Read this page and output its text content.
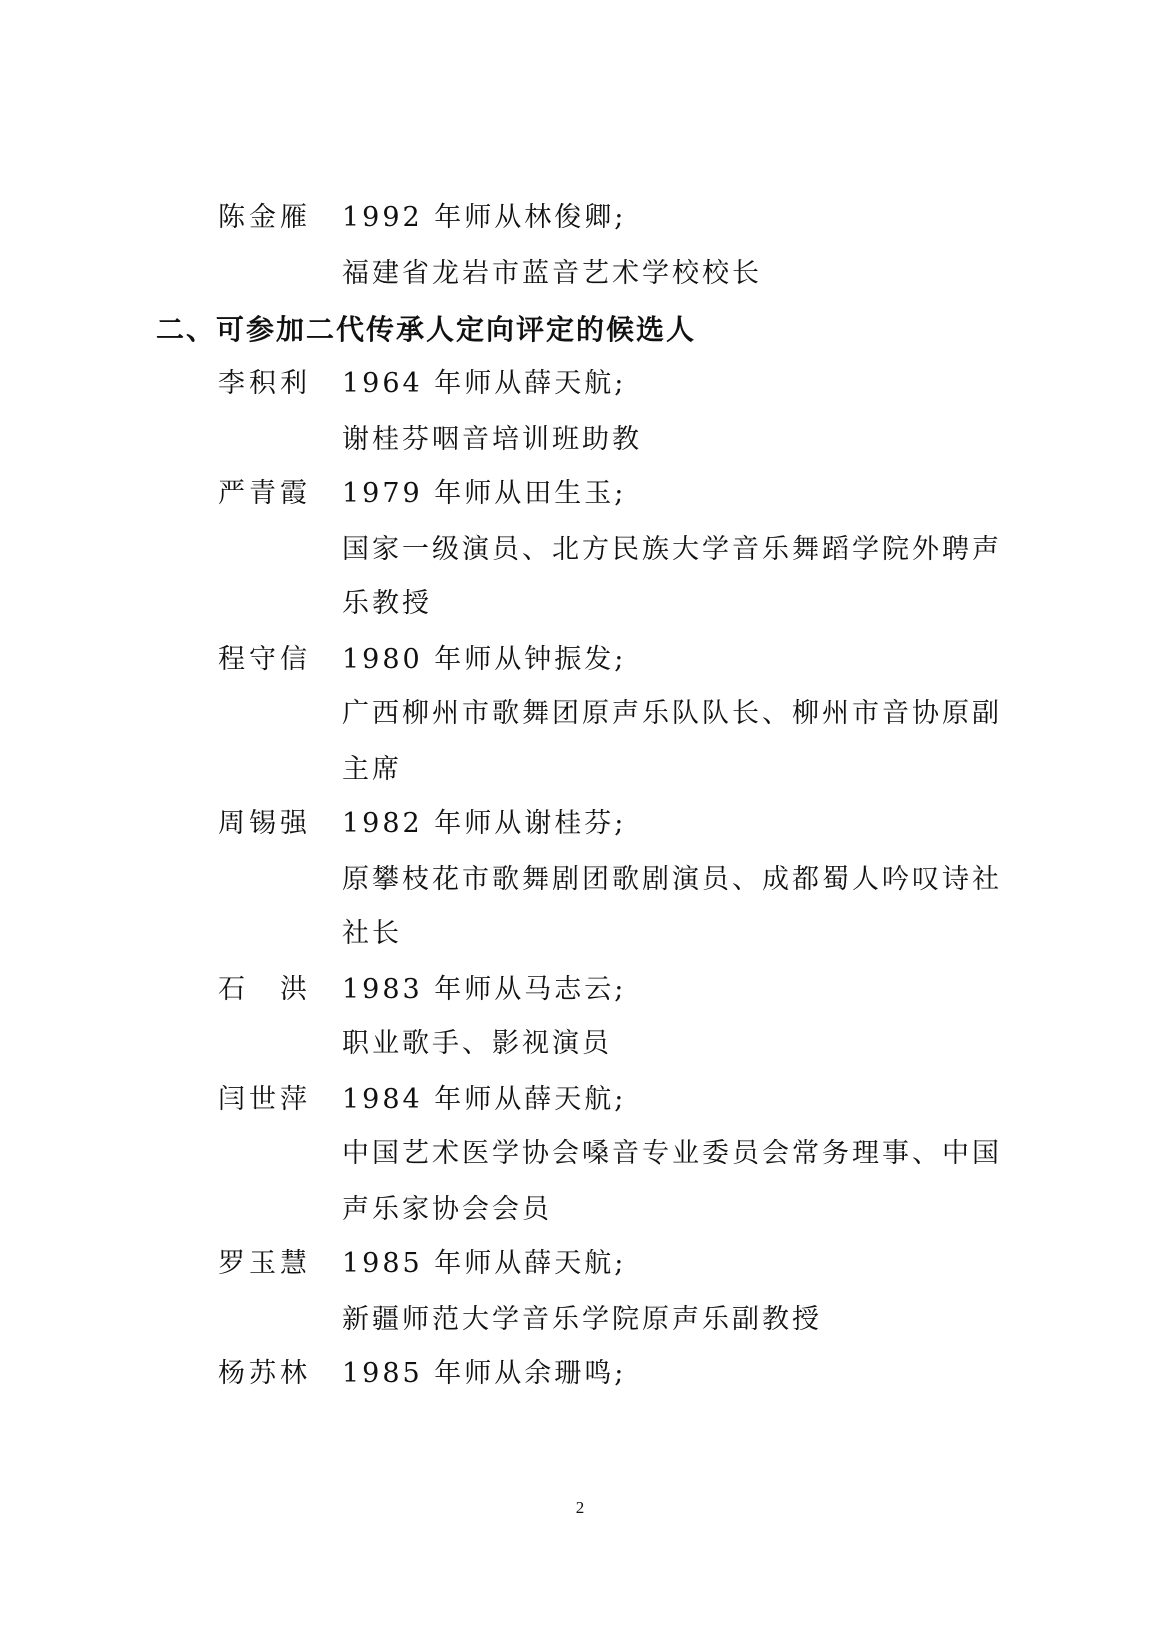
陈金雁 1992 年师从林俊卿;
福建省龙岩市蓝音艺术学校校长
二、可参加二代传承人定向评定的候选人
李积利 1964 年师从薛天航;
谢桂芬咽音培训班助教
严青霞 1979 年师从田生玉;
国家一级演员、北方民族大学音乐舞蹈学院外聘声
乐教授
程守信 1980 年师从钟振发;
广西柳州市歌舞团原声乐队队长、柳州市音协原副
主席
周锡强 1982 年师从谢桂芬;
原攀枝花市歌舞剧团歌剧演员、成都蜀人吟叹诗社
社长
石　洪 1983 年师从马志云;
职业歌手、影视演员
闫世萍 1984 年师从薛天航;
中国艺术医学协会嗓音专业委员会常务理事、中国
声乐家协会会员
罗玉慧 1985 年师从薛天航;
新疆师范大学音乐学院原声乐副教授
杨苏林 1985 年师从余珊鸣;
2
